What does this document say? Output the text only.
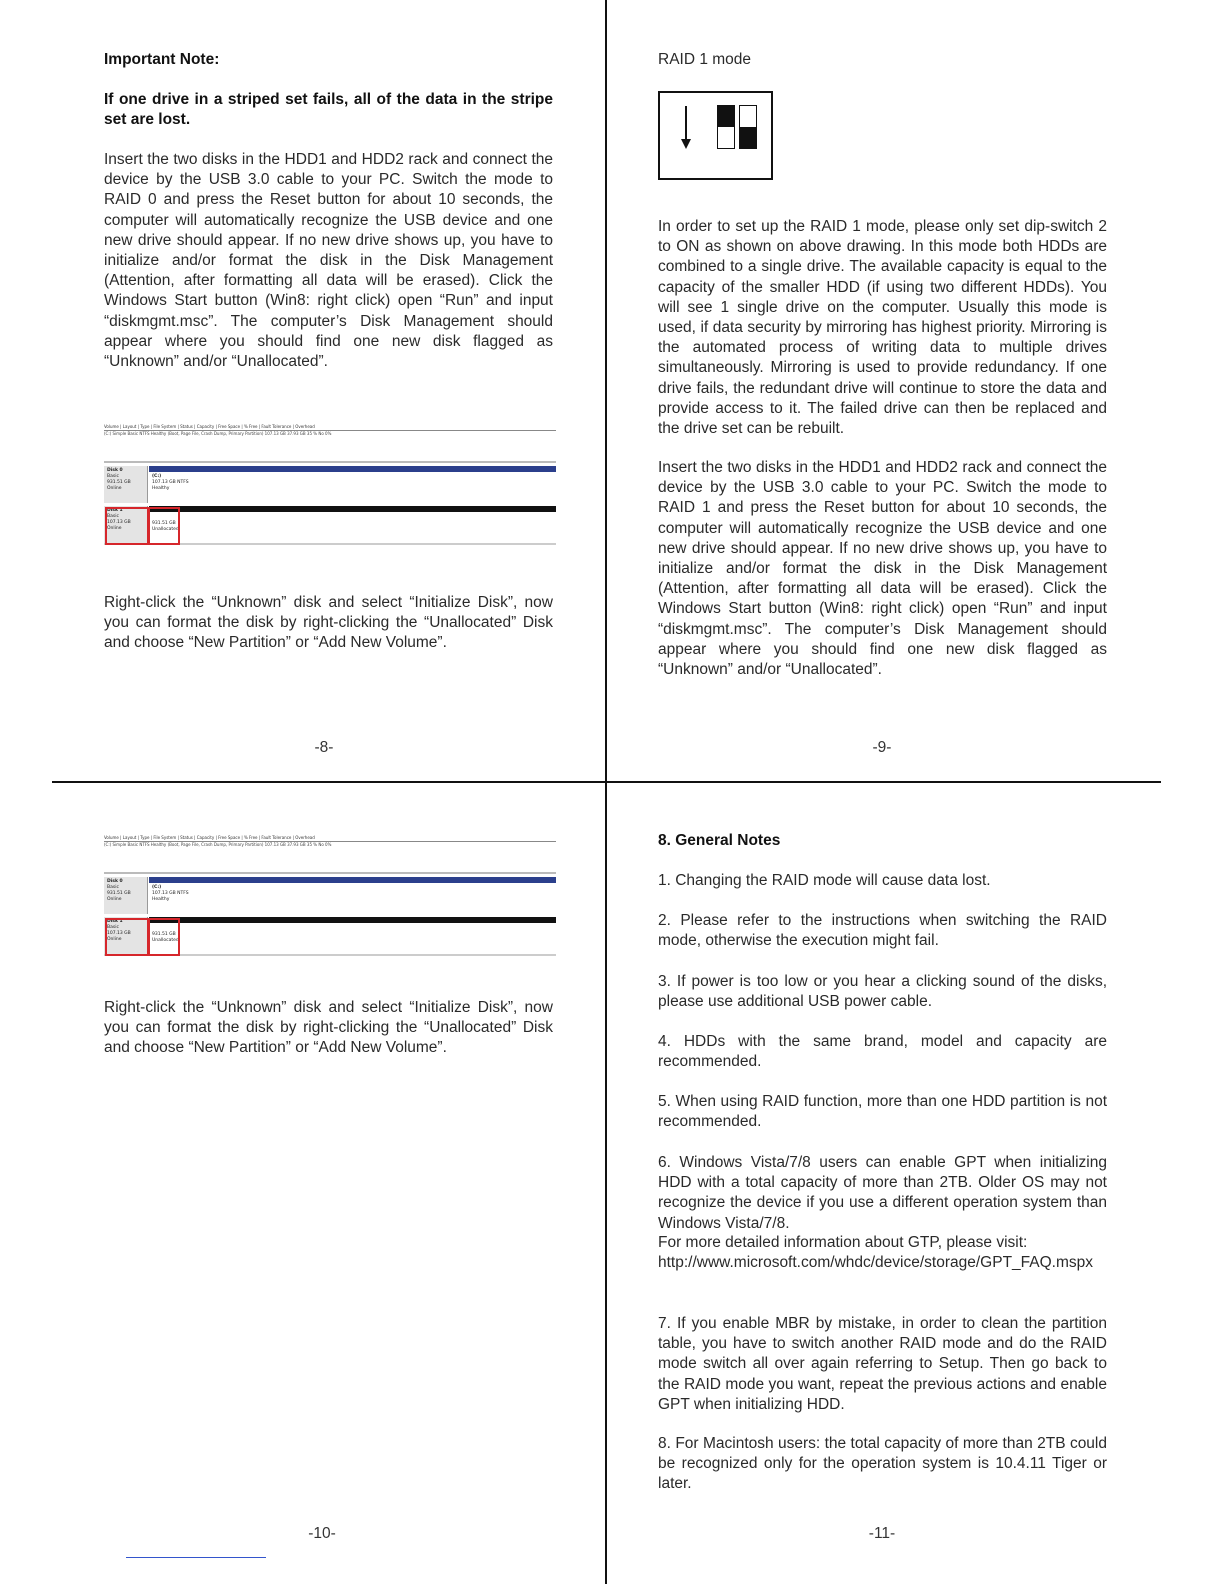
Important Note:

If one drive in a striped set fails, all of the data in the stripe set are lost.

Insert the two disks in the HDD1 and HDD2 rack and connect the device by the USB 3.0 cable to your PC. Switch the mode to RAID 0 and press the Reset button for about 10 seconds, the computer will automatically recognize the USB device and one new drive should appear. If no new drive shows up, you have to initialize and/or format the disk in the Disk Management (Attention, after formatting all data will be erased). Click the Windows Start button (Win8: right click) open “Run” and input “diskmgmt.msc”. The computer’s Disk Management should appear where you should find one new disk flagged as “Unknown” and/or “Unallocated”.

Volume | Layout | Type | File System | Status | Capacity | Free Space | % Free | Fault Tolerance | Overhead
(C:) Simple Basic NTFS Healthy (Boot, Page File, Crash Dump, Primary Partition) 107.13 GB 37.93 GB 35 % No 0%
Disk 0
Basic
931.51 GB
Online
(C:)
107.13 GB NTFS
Healthy
Disk 1
Basic
107.13 GB
Online
931.51 GB
Unallocated

Right-click the “Unknown” disk and select “Initialize Disk”, now you can format the disk by right-clicking the “Unallocated” Disk and choose “New Partition” or “Add New Volume”.

-8-

RAID 1 mode

In order to set up the RAID 1 mode, please only set dip-switch 2 to ON as shown on above drawing. In this mode both HDDs are combined to a single drive. The available capacity is equal to the capacity of the smaller HDD (if using two different HDDs). You will see 1 single drive on the computer. Usually this mode is used, if data security by mirroring has highest priority. Mirroring is the automated process of writing data to multiple drives simultaneously. Mirroring is used to provide redundancy. If one drive fails, the redundant drive will continue to store the data and provide access to it. The failed drive can then be replaced and the drive set can be rebuilt.

Insert the two disks in the HDD1 and HDD2 rack and connect the device by the USB 3.0 cable to your PC. Switch the mode to RAID 1 and press the Reset button for about 10 seconds, the computer will automatically recognize the USB device and one new drive should appear. If no new drive shows up, you have to initialize and/or format the disk in the Disk Management (Attention, after formatting all data will be erased). Click the Windows Start button (Win8: right click) open “Run” and input “diskmgmt.msc”. The computer’s Disk Management should appear where you should find one new disk flagged as “Unknown” and/or “Unallocated”.

-9-
Volume | Layout | Type | File System | Status | Capacity | Free Space | % Free | Fault Tolerance | Overhead
(C:) Simple Basic NTFS Healthy (Boot, Page File, Crash Dump, Primary Partition) 107.13 GB 37.93 GB 35 % No 0%
Disk 0
Basic
931.51 GB
Online
(C:)
107.13 GB NTFS
Healthy
Disk 1
Basic
107.13 GB
Online
931.51 GB
Unallocated

Right-click the “Unknown” disk and select “Initialize Disk”, now you can format the disk by right-clicking the “Unallocated” Disk and choose “New Partition” or “Add New Volume”.

-10-

8. General Notes

1. Changing the RAID mode will cause data lost.

2. Please refer to the instructions when switching the RAID mode, otherwise the execution might fail.

3. If power is too low or you hear a clicking sound of the disks, please use additional USB power cable.

4. HDDs with the same brand, model and capacity are recommended.

5. When using RAID function, more than one HDD partition is not recommended.

6. Windows Vista/7/8 users can enable GPT when initializing HDD with a total capacity of more than 2TB. Older OS may not recognize the device if you use a different operation system than Windows Vista/7/8.

For more detailed information about GTP, please visit:

http://www.microsoft.com/whdc/device/storage/GPT_FAQ.mspx

7. If you enable MBR by mistake, in order to clean the partition table, you have to switch another RAID mode and do the RAID mode switch all over again referring to Setup. Then go back to the RAID mode you want, repeat the previous actions and enable GPT when initializing HDD.

8. For Macintosh users: the total capacity of more than 2TB could be recognized only for the operation system is 10.4.11 Tiger or later.

-11-
